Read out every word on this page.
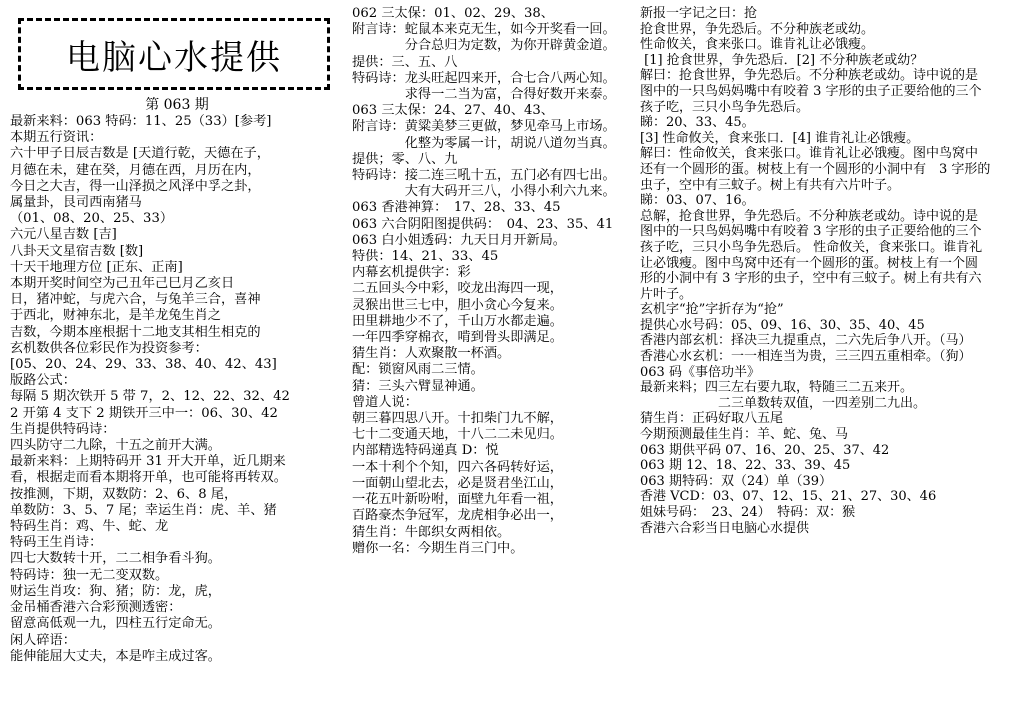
电脑心水提供
第 063 期
最新来料：063 特码：11、25（33）[参考]
本期五行资讯：
六十甲子日辰吉数是 [天道行乾，天德在子，
月德在未，建在癸，月德在西，月历在内，
今日之大吉，得一山泽损之风泽中孚之卦，
属量卦，艮司西南猪马
（01、08、20、25、33）
六元八星吉数 [吉]
八卦天文星宿吉数 [数]
十天干地理方位 [正东、正南]
本期开奖时间空为己丑年己巳月乙亥日
日，猪冲蛇，与虎六合，与兔羊三合，喜神
于西北，财神东北，是羊龙兔生肖之
吉数，今期本座根据十二地支其相生相克的
玄机数供各位彩民作为投资参考：
[05、20、24、29、33、38、40、42、43]
版路公式：
每隔 5 期次铁开 5 带 7，2、12、22、32、42
2 开第 4 支下 2 期铁开三中一：06、30、42
生肖提供特码诗：
四头防守二九除，十五之前开大满。
最新来料：上期特码开 31 开大开单，近几期来
看，根据走而看本期将开单，也可能将再转双。
按推测，下期，双数防：2、6、8 尾，
单数防：3、5、7 尾；幸运生肖：虎、羊、猪
特码生肖：鸡、牛、蛇、龙
特码王生肖诗：
四七大数转十开，二二相争看斗狗。
特码诗：独一无二变双数。
财运生肖攻：狗、猪；防：龙，虎，
金吊桶香港六合彩预测透密：
留意高低观一九，四柱五行定命无。
闲人碎语：
能伸能屈大丈夫，本是咋主成过客。
062 三太保：01、02、29、38、
附言诗：蛇鼠本来克无生，如今开奖看一回。
　　　　分合总归为定数，为你开辟黄金道。
提供：三、五、八
特码诗：龙头旺起四来开，合七合八两心知。
　　　　求得一二当为富，合得好数开来泰。
063 三太保：24、27、40、43、
附言诗：黄粱美梦三更做，梦见牵马上市场。
　　　　化整为零属一计，胡说八道勿当真。
提供；零、八、九
特码诗：接二连三吼十五，五门必有四七出。
　　　　大有大码开三八，小得小利六九来。
063 香港神算：　17、28、33、45
063 六合阴阳图提供码：　04、23、35、41
063 白小姐透码：九天日月开新局。
特供：14、21、33、45
内幕玄机提供字：彩
二五回头今中彩，咬龙出海四一现，
灵猴出世三七中，胆小贪心今复来。
田里耕地少不了，千山万水都走遍。
一年四季穿棉衣，啃到骨头即满足。
猜生肖：人欢聚散一杯酒。
配：锁窗风雨二三情。
猜：三头六臂显神通。
曾道人说：
朝三暮四思八开。十扣柴门九不解，
七十二变通天地，十八二二未见归。
内部精选特码递真 D：悦
一本十利个个知，四六各码转好运，
一面朝山望北去，必是贤君坐江山，
一花五叶新吩咐，面壁九年看一祖，
百路豪杰争冠军，龙虎相争必出一，
猜生肖：牛郎织女两相依。
赠你一名：今期生肖三门中。
新报一字记之曰：抢
抢食世界，争先恐后。不分种族老或幼。
性命攸关，食来张口。谁肯礼让必饿瘦。
[1] 抢食世界，争先恐后．[2] 不分种族老或幼？
解曰：抢食世界，争先恐后。不分种族老或幼。诗中说的是
图中的一只鸟妈妈嘴中有咬着 3 字形的虫子正要给他的三个
孩子吃，三只小鸟争先恐后。
睇：20、33、45。
[3] 性命攸关，食来张口．[4] 谁肯礼让必饿瘦。
解曰：性命攸关，食来张口。谁肯礼让必饿瘦。图中鸟窝中
还有一个圆形的蛋。树枝上有一个圆形的小洞中有　3 字形的
虫子，空中有三蚊子。树上有共有六片叶子。
睇：03、07、16。
总解，抢食世界，争先恐后。不分种族老或幼。诗中说的是
图中的一只鸟妈妈嘴中有咬着 3 字形的虫子正要给他的三个
孩子吃，三只小鸟争先恐后。 性命攸关，食来张口。谁肯礼
让必饿瘦。图中鸟窝中还有一个圆形的蛋。树枝上有一个圆
形的小洞中有 3 字形的虫子，空中有三蚊子。树上有共有六
片叶子。
玄机字“抢”字折存为“抢”
提供心水号码：05、09、16、30、35、40、45
香港内部玄机：择决三九提重点，二六先后争八开。（马）
香港心水玄机：一一相连当为贵，三三四五重相牵。（狗）
063 码《事倍功半》
最新来料；四三左右要九取，特随三二五来开。
　　　　　　二三单数转双值，一四差别二九出。
猜生肖：正码好取八五尾
今期预测最佳生肖：羊、蛇、兔、马
063 期供平码 07、16、20、25、37、42
063 期 12、18、22、33、39、45
063 期特码：双（24）单（39）
香港 VCD：03、07、12、15、21、27、30、46
姐妹号码：　23、24）　特码：双：猴
香港六合彩当日电脑心水提供
